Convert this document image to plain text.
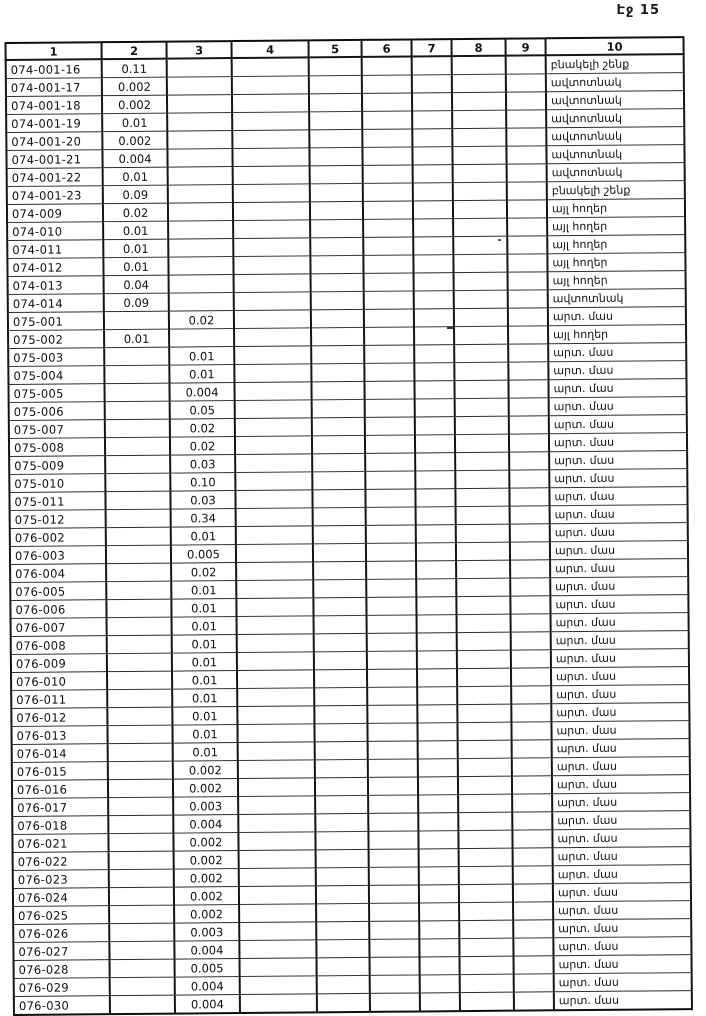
Էջ 15
1	2	3	4	5	6	7	8	9	10
074-001-16	0.11								բնակելի շենք
074-001-17	0.002								ավտոտնակ
074-001-18	0.002								ավտոտնակ
074-001-19	0.01								ավտոտնակ
074-001-20	0.002								ավտոտնակ
074-001-21	0.004								ավտոտնակ
074-001-22	0.01								ավտոտնակ
074-001-23	0.09								բնակելի շենք
074-009	0.02								այլ հողեր
074-010	0.01								այլ հողեր
074-011	0.01								այլ հողեր
074-012	0.01								այլ հողեր
074-013	0.04								այլ հողեր
074-014	0.09								ավտոտնակ
075-001		0.02							արտ. մաս
075-002	0.01								այլ հողեր
075-003		0.01							արտ. մաս
075-004		0.01							արտ. մաս
075-005		0.004							արտ. մաս
075-006		0.05							արտ. մաս
075-007		0.02							արտ. մաս
075-008		0.02							արտ. մաս
075-009		0.03							արտ. մաս
075-010		0.10							արտ. մաս
075-011		0.03							արտ. մաս
075-012		0.34							արտ. մաս
076-002		0.01							արտ. մաս
076-003		0.005							արտ. մաս
076-004		0.02							արտ. մաս
076-005		0.01							արտ. մաս
076-006		0.01							արտ. մաս
076-007		0.01							արտ. մաս
076-008		0.01							արտ. մաս
076-009		0.01							արտ. մաս
076-010		0.01							արտ. մաս
076-011		0.01							արտ. մաս
076-012		0.01							արտ. մաս
076-013		0.01							արտ. մաս
076-014		0.01							արտ. մաս
076-015		0.002							արտ. մաս
076-016		0.002							արտ. մաս
076-017		0.003							արտ. մաս
076-018		0.004							արտ. մաս
076-021		0.002							արտ. մաս
076-022		0.002							արտ. մաս
076-023		0.002							արտ. մաս
076-024		0.002							արտ. մաս
076-025		0.002							արտ. մաս
076-026		0.003							արտ. մաս
076-027		0.004							արտ. մաս
076-028		0.005							արտ. մաս
076-029		0.004							արտ. մաս
076-030		0.004							արտ. մաս
